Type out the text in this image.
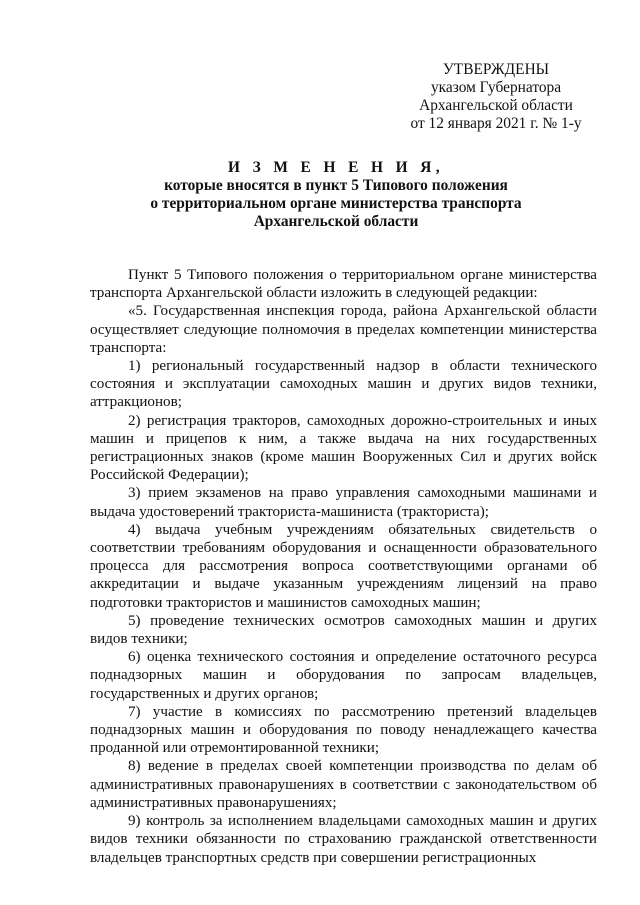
УТВЕРЖДЕНЫ
указом Губернатора
Архангельской области
от 12 января 2021 г. № 1-у
И З М Е Н Е Н И Я,
которые вносятся в пункт 5 Типового положения
о территориальном органе министерства транспорта
Архангельской области

Пункт 5 Типового положения о территориальном органе министерства транспорта Архангельской области изложить в следующей редакции:

«5. Государственная инспекция города, района Архангельской области осуществляет следующие полномочия в пределах компетенции министерства транспорта:

1) региональный государственный надзор в области технического состояния и эксплуатации самоходных машин и других видов техники, аттракционов;

2) регистрация тракторов, самоходных дорожно-строительных и иных машин и прицепов к ним, а также выдача на них государственных регистрационных знаков (кроме машин Вооруженных Сил и других войск Российской Федерации);

3) прием экзаменов на право управления самоходными машинами и выдача удостоверений тракториста-машиниста (тракториста);

4) выдача учебным учреждениям обязательных свидетельств о соответствии требованиям оборудования и оснащенности образовательного процесса для рассмотрения вопроса соответствующими органами об аккредитации и выдаче указанным учреждениям лицензий на право подготовки трактористов и машинистов самоходных машин;

5) проведение технических осмотров самоходных машин и других видов техники;

6) оценка технического состояния и определение остаточного ресурса поднадзорных машин и оборудования по запросам владельцев, государственных и других органов;

7) участие в комиссиях по рассмотрению претензий владельцев поднадзорных машин и оборудования по поводу ненадлежащего качества проданной или отремонтированной техники;

8) ведение в пределах своей компетенции производства по делам об административных правонарушениях в соответствии с законодательством об административных правонарушениях;

9) контроль за исполнением владельцами самоходных машин и других видов техники обязанности по страхованию гражданской ответственности владельцев транспортных средств при совершении регистрационных
